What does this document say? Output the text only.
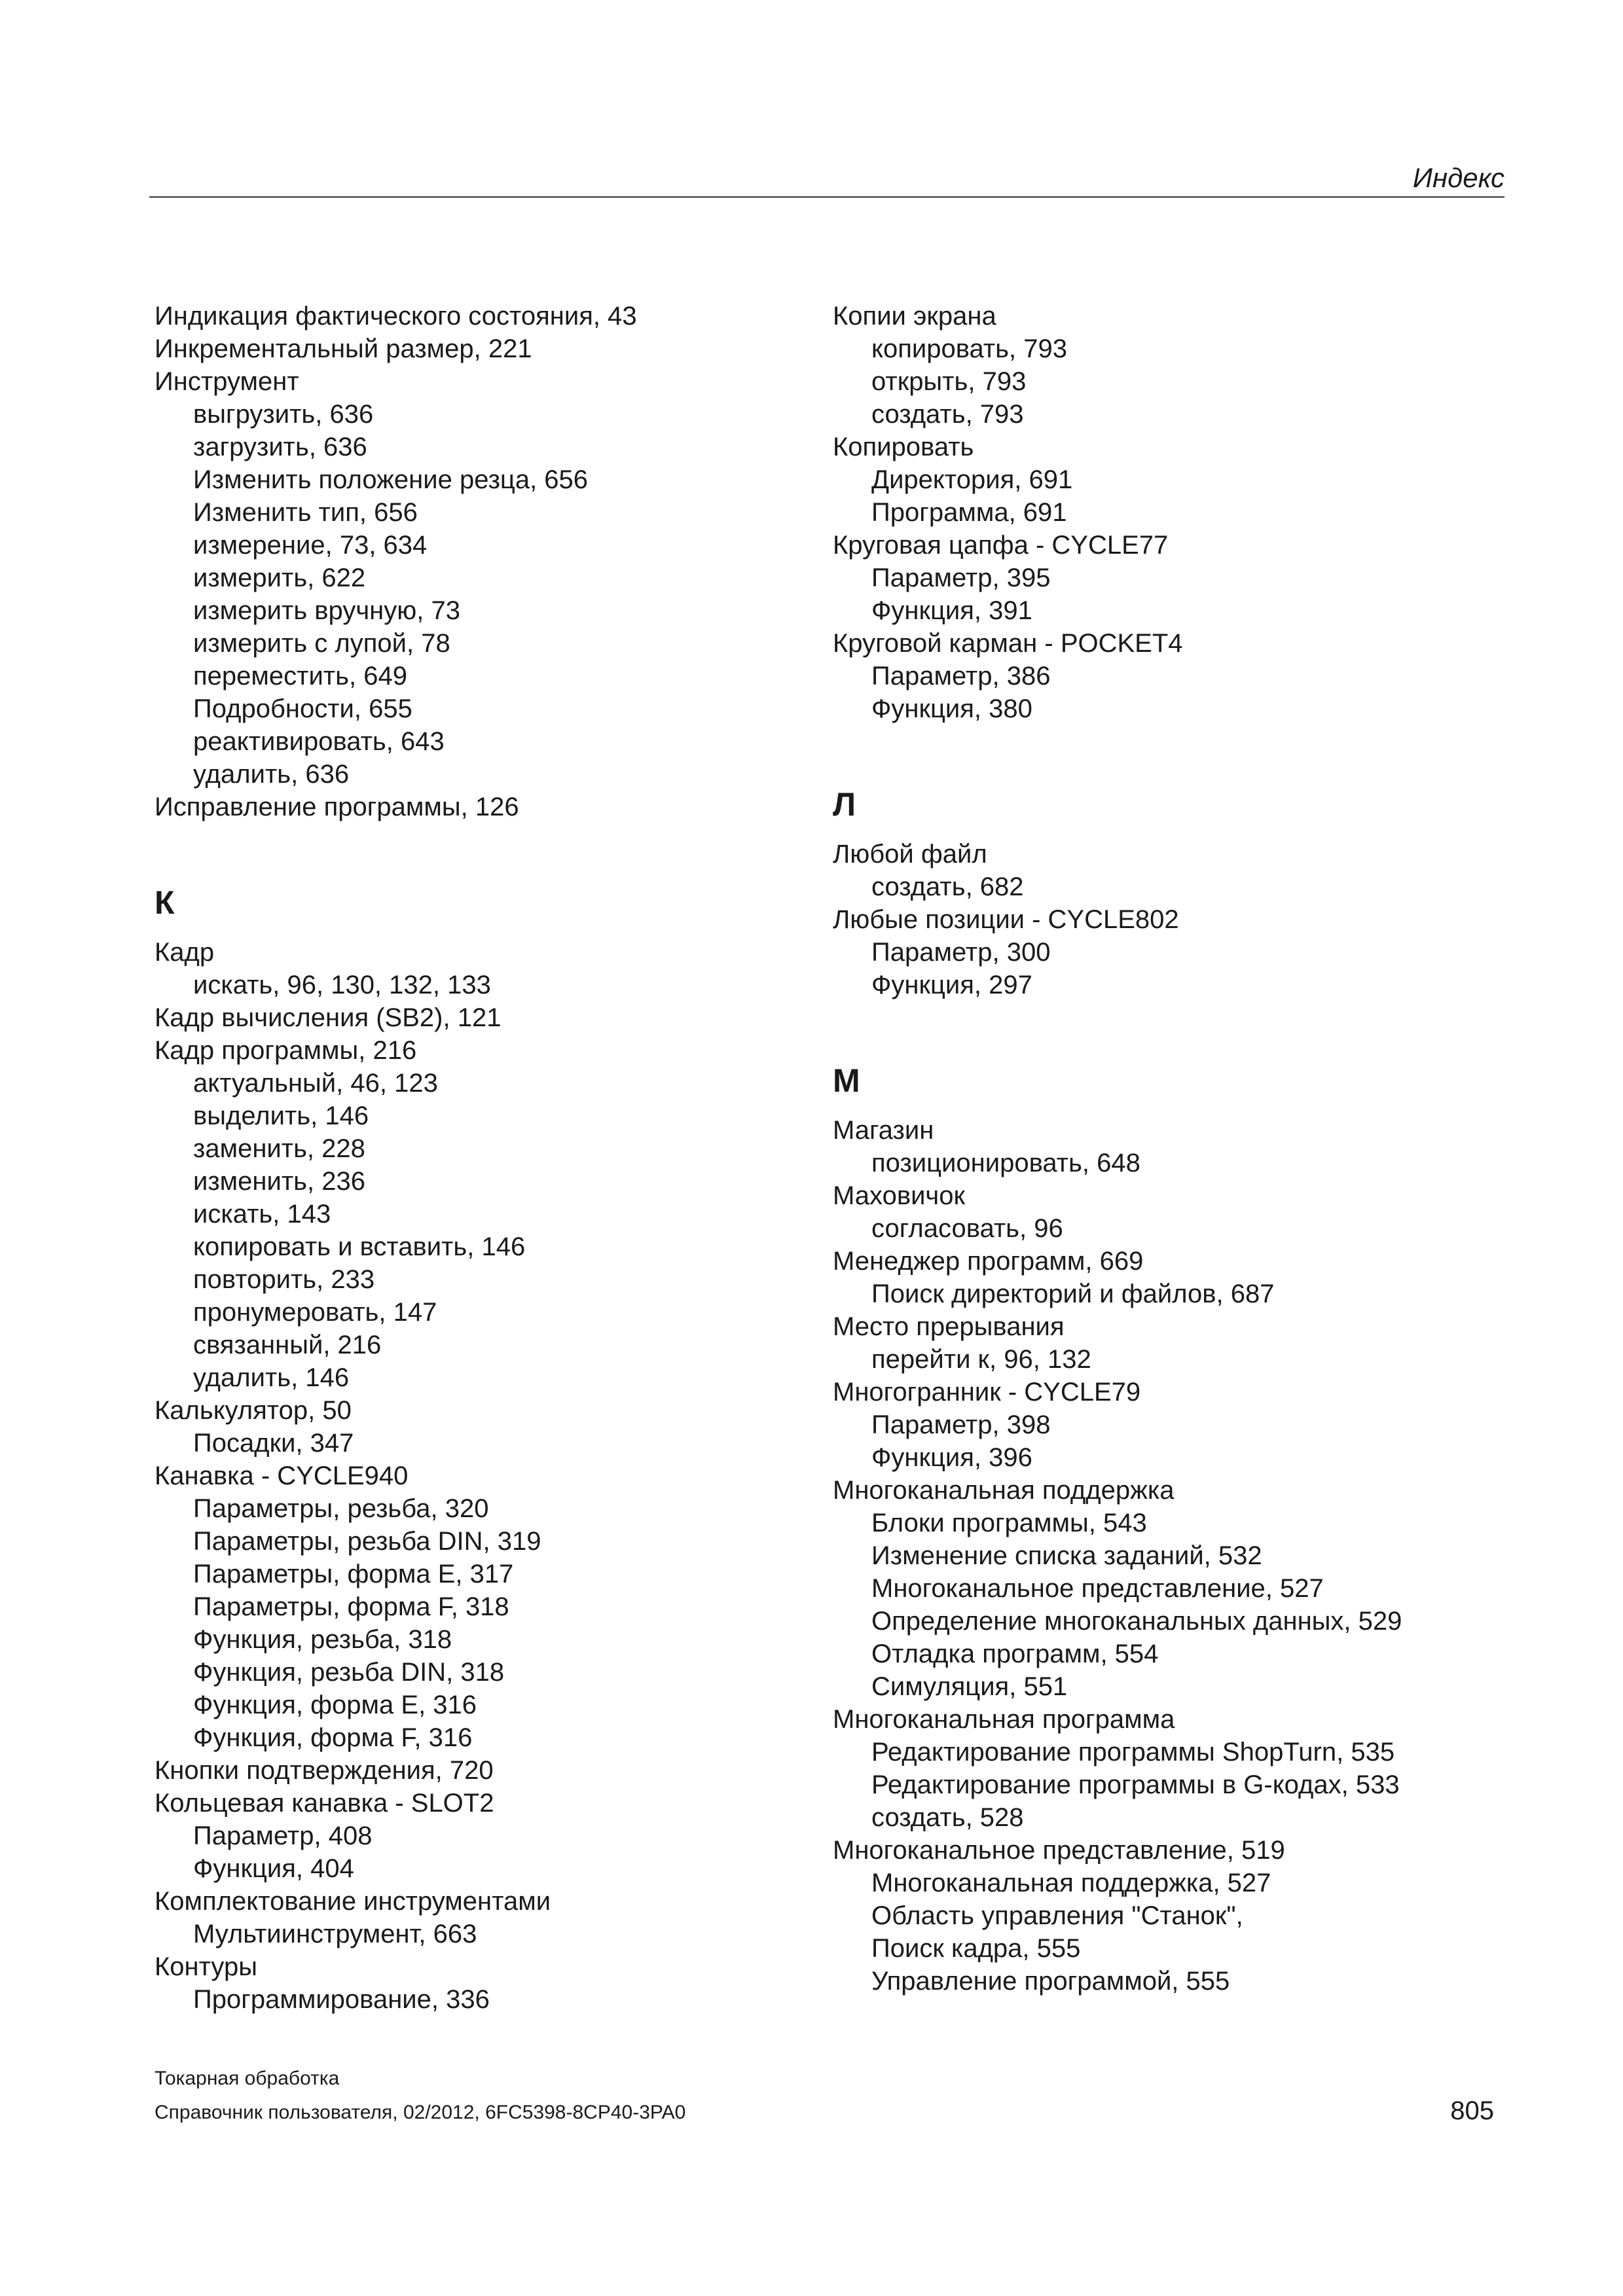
Индекс
Индикация фактического состояния, 43
Инкрементальный размер, 221
Инструмент
выгрузить, 636
загрузить, 636
Изменить положение резца, 656
Изменить тип, 656
измерение, 73, 634
измерить, 622
измерить вручную, 73
измерить с лупой, 78
переместить, 649
Подробности, 655
реактивировать, 643
удалить, 636
Исправление программы, 126
К
Кадр
искать, 96, 130, 132, 133
Кадр вычисления (SB2), 121
Кадр программы, 216
актуальный, 46, 123
выделить, 146
заменить, 228
изменить, 236
искать, 143
копировать и вставить, 146
повторить, 233
пронумеровать, 147
связанный, 216
удалить, 146
Калькулятор, 50
Посадки, 347
Канавка - CYCLE940
Параметры, резьба, 320
Параметры, резьба DIN, 319
Параметры, форма E, 317
Параметры, форма F, 318
Функция, резьба, 318
Функция, резьба DIN, 318
Функция, форма E, 316
Функция, форма F, 316
Кнопки подтверждения, 720
Кольцевая канавка - SLOT2
Параметр, 408
Функция, 404
Комплектование инструментами
Мультиинструмент, 663
Контуры
Программирование, 336
Копии экрана
копировать, 793
открыть, 793
создать, 793
Копировать
Директория, 691
Программа, 691
Круговая цапфа - CYCLE77
Параметр, 395
Функция, 391
Круговой карман - POCKET4
Параметр, 386
Функция, 380
Л
Любой файл
создать, 682
Любые позиции - CYCLE802
Параметр, 300
Функция, 297
М
Магазин
позиционировать, 648
Маховичок
согласовать, 96
Менеджер программ, 669
Поиск директорий и файлов, 687
Место прерывания
перейти к, 96, 132
Многогранник - CYCLE79
Параметр, 398
Функция, 396
Многоканальная поддержка
Блоки программы, 543
Изменение списка заданий, 532
Многоканальное представление, 527
Определение многоканальных данных, 529
Отладка программ, 554
Симуляция, 551
Многоканальная программа
Редактирование программы ShopTurn, 535
Редактирование программы в G-кодах, 533
создать, 528
Многоканальное представление, 519
Многоканальная поддержка, 527
Область управления "Станок",
Поиск кадра, 555
Управление программой, 555
Токарная обработка
Справочник пользователя, 02/2012, 6FC5398-8CP40-3PA0	805
